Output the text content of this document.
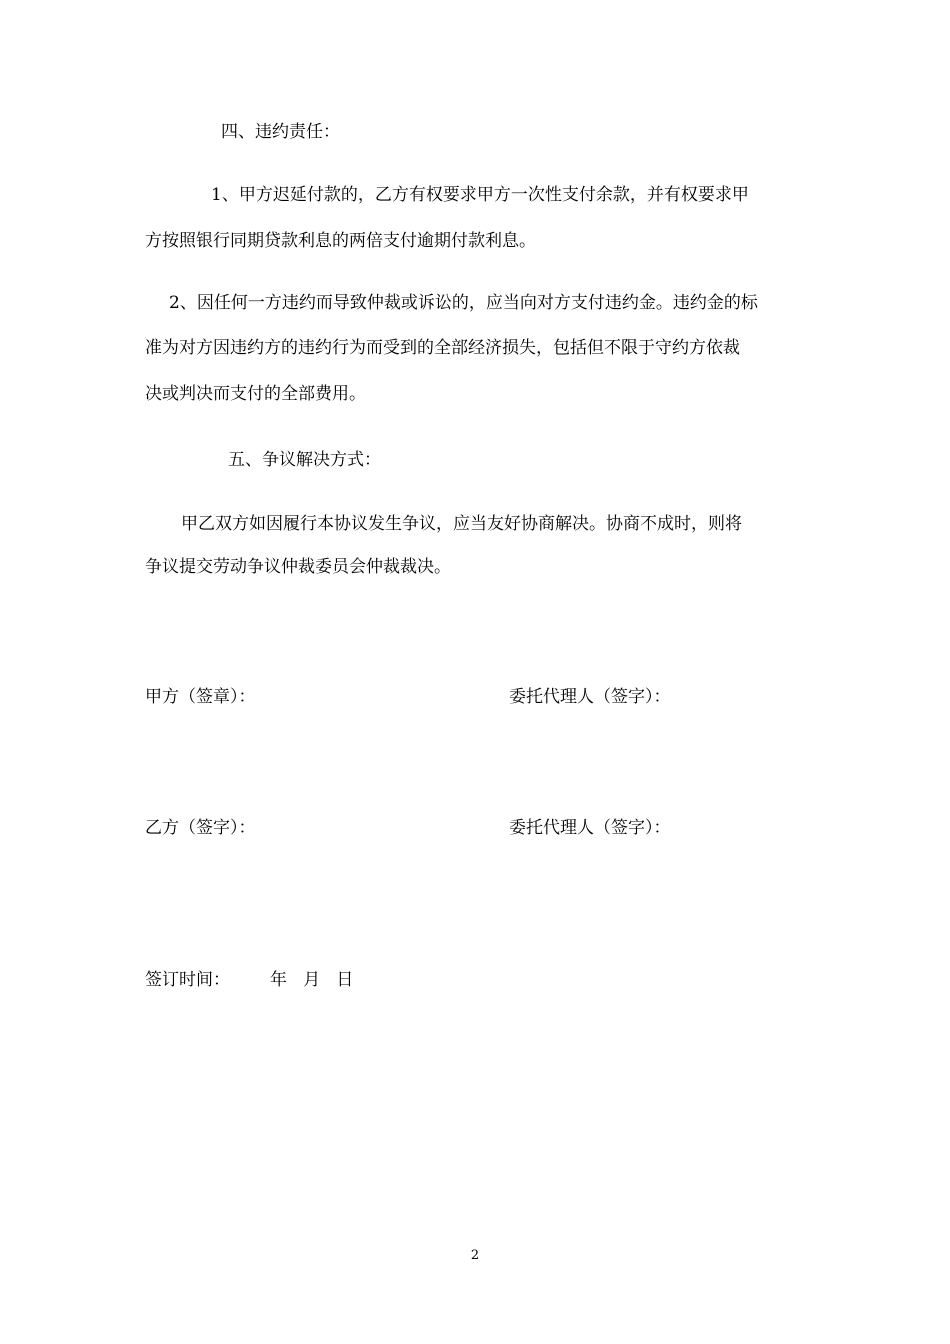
四、违约责任：

1、甲方迟延付款的，乙方有权要求甲方一次性支付余款，并有权要求甲

方按照银行同期贷款利息的两倍支付逾期付款利息。

2、因任何一方违约而导致仲裁或诉讼的，应当向对方支付违约金。违约金的标

准为对方因违约方的违约行为而受到的全部经济损失，包括但不限于守约方依裁

决或判决而支付的全部费用。

五、争议解决方式：

甲乙双方如因履行本协议发生争议，应当友好协商解决。协商不成时，则将

争议提交劳动争议仲裁委员会仲裁裁决。

甲方（签章）：	委托代理人（签字）：

乙方（签字）：	委托代理人（签字）：

签订时间： 年   月   日

2
